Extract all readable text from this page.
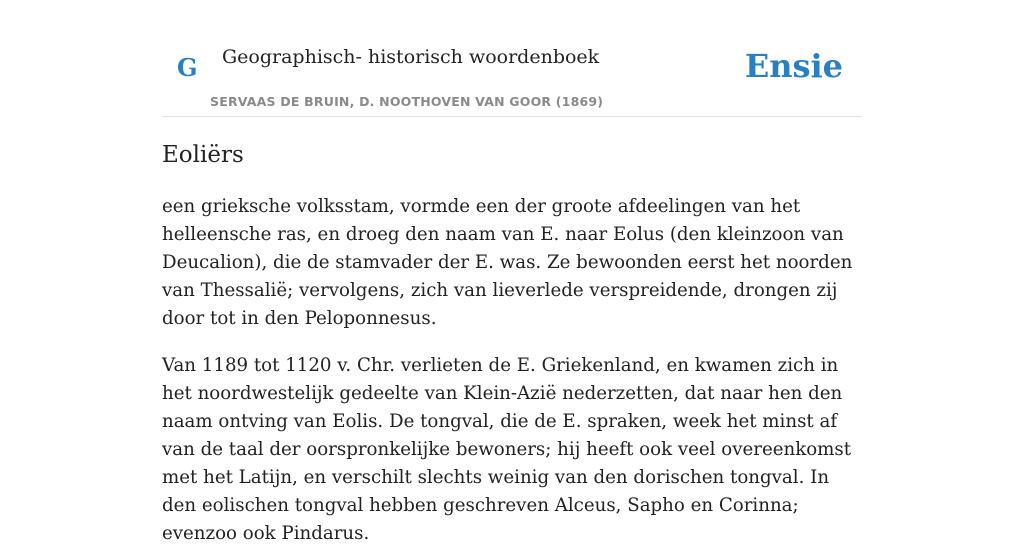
G Geographisch- historisch woordenboek
SERVAAS DE BRUIN, D. NOOTHOVEN VAN GOOR (1869)
Ensie
Eoliërs

een grieksche volksstam, vormde een der groote afdeelingen van het helleensche ras, en droeg den naam van E. naar Eolus (den kleinzoon van Deucalion), die de stamvader der E. was. Ze bewoonden eerst het noorden van Thessalië; vervolgens, zich van lieverlede verspreidende, drongen zij door tot in den Peloponnesus.

Van 1189 tot 1120 v. Chr. verlieten de E. Griekenland, en kwamen zich in het noordwestelijk gedeelte van Klein-Azië nederzetten, dat naar hen den naam ontving van Eolis. De tongval, die de E. spraken, week het minst af van de taal der oorspronkelijke bewoners; hij heeft ook veel overeenkomst met het Latijn, en verschilt slechts weinig van den dorischen tongval. In den eolischen tongval hebben geschreven Alceus, Sapho en Corinna; evenzoo ook Pindarus.
